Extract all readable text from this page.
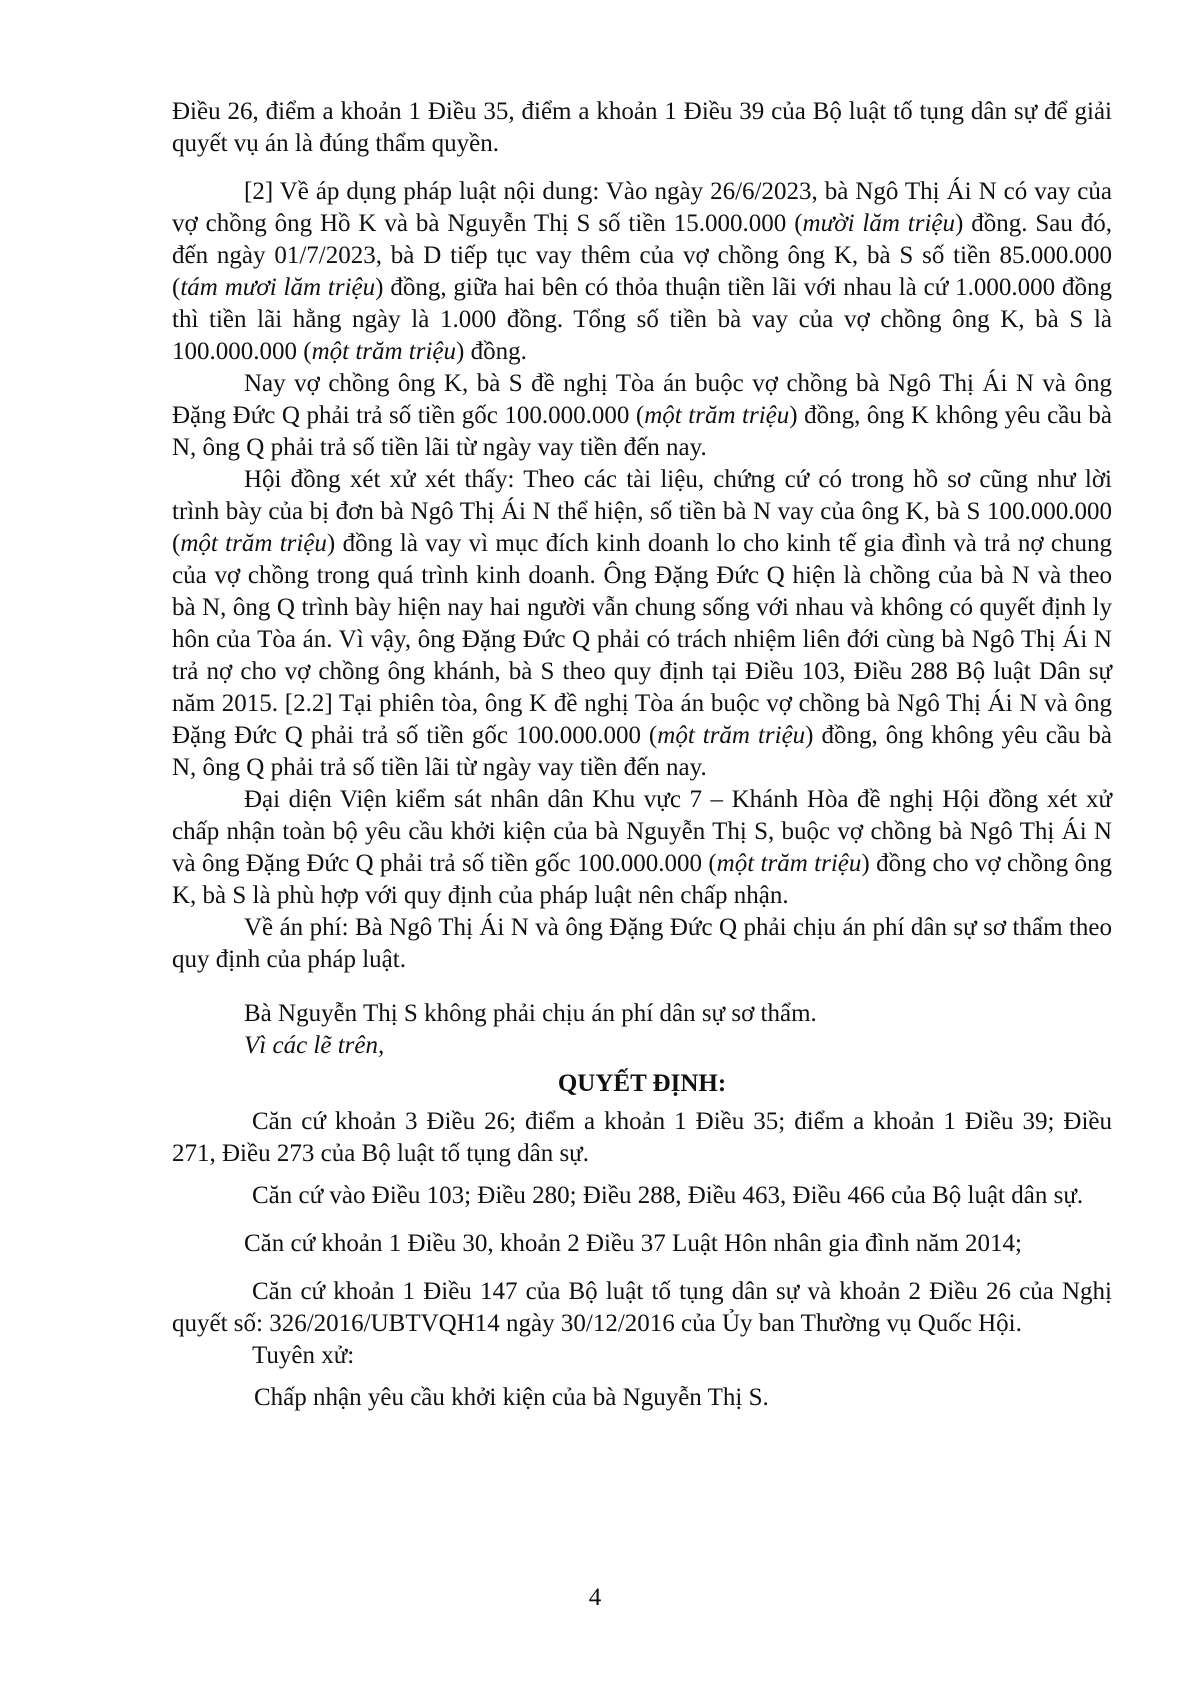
Điều 26, điểm a khoản 1 Điều 35, điểm a khoản 1 Điều 39 của Bộ luật tố tụng dân sự để giải quyết vụ án là đúng thẩm quyền.

[2] Về áp dụng pháp luật nội dung: Vào ngày 26/6/2023, bà Ngô Thị Ái N có vay của vợ chồng ông Hồ K và bà Nguyễn Thị S số tiền 15.000.000 (mười lăm triệu) đồng. Sau đó, đến ngày 01/7/2023, bà D tiếp tục vay thêm của vợ chồng ông K, bà S số tiền 85.000.000 (tám mươi lăm triệu) đồng, giữa hai bên có thỏa thuận tiền lãi với nhau là cứ 1.000.000 đồng thì tiền lãi hằng ngày là 1.000 đồng. Tổng số tiền bà vay của vợ chồng ông K, bà S là 100.000.000 (một trăm triệu) đồng.

Nay vợ chồng ông K, bà S đề nghị Tòa án buộc vợ chồng bà Ngô Thị Ái N và ông Đặng Đức Q phải trả số tiền gốc 100.000.000 (một trăm triệu) đồng, ông K không yêu cầu bà N, ông Q phải trả số tiền lãi từ ngày vay tiền đến nay.

Hội đồng xét xử xét thấy: Theo các tài liệu, chứng cứ có trong hồ sơ cũng như lời trình bày của bị đơn bà Ngô Thị Ái N thể hiện, số tiền bà N vay của ông K, bà S 100.000.000 (một trăm triệu) đồng là vay vì mục đích kinh doanh lo cho kinh tế gia đình và trả nợ chung của vợ chồng trong quá trình kinh doanh. Ông Đặng Đức Q hiện là chồng của bà N và theo bà N, ông Q trình bày hiện nay hai người vẫn chung sống với nhau và không có quyết định ly hôn của Tòa án. Vì vậy, ông Đặng Đức Q phải có trách nhiệm liên đới cùng bà Ngô Thị Ái N trả nợ cho vợ chồng ông khánh, bà S theo quy định tại Điều 103, Điều 288 Bộ luật Dân sự năm 2015. [2.2] Tại phiên tòa, ông K đề nghị Tòa án buộc vợ chồng bà Ngô Thị Ái N và ông Đặng Đức Q phải trả số tiền gốc 100.000.000 (một trăm triệu) đồng, ông không yêu cầu bà N, ông Q phải trả số tiền lãi từ ngày vay tiền đến nay.

Đại diện Viện kiểm sát nhân dân Khu vực 7 – Khánh Hòa đề nghị Hội đồng xét xử chấp nhận toàn bộ yêu cầu khởi kiện của bà Nguyễn Thị S, buộc vợ chồng bà Ngô Thị Ái N và ông Đặng Đức Q phải trả số tiền gốc 100.000.000 (một trăm triệu) đồng cho vợ chồng ông K, bà S là phù hợp với quy định của pháp luật nên chấp nhận.

Về án phí: Bà Ngô Thị Ái N và ông Đặng Đức Q phải chịu án phí dân sự sơ thẩm theo quy định của pháp luật.

Bà Nguyễn Thị S không phải chịu án phí dân sự sơ thẩm.

Vì các lẽ trên,

QUYẾT ĐỊNH:

Căn cứ khoản 3 Điều 26; điểm a khoản 1 Điều 35; điểm a khoản 1 Điều 39; Điều 271, Điều 273 của Bộ luật tố tụng dân sự.

Căn cứ vào Điều 103; Điều 280; Điều 288, Điều 463, Điều 466 của Bộ luật dân sự.

Căn cứ khoản 1 Điều 30, khoản 2 Điều 37 Luật Hôn nhân gia đình năm 2014;

Căn cứ khoản 1 Điều 147 của Bộ luật tố tụng dân sự và khoản 2 Điều 26 của Nghị quyết số: 326/2016/UBTVQH14 ngày 30/12/2016 của Ủy ban Thường vụ Quốc Hội.

Tuyên xử:

Chấp nhận yêu cầu khởi kiện của bà Nguyễn Thị S.

4
